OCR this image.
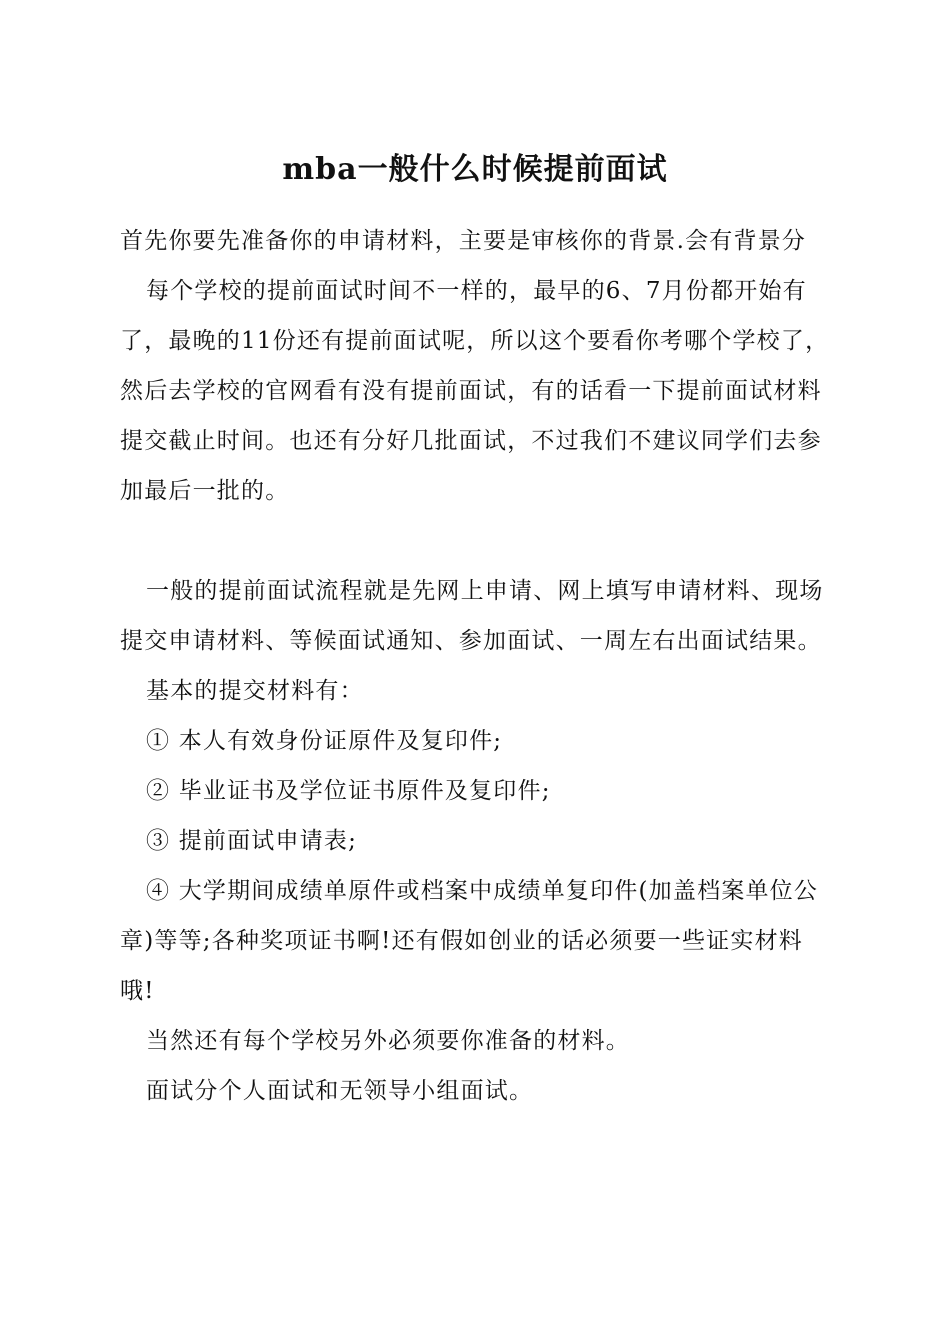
mba一般什么时候提前面试

首先你要先准备你的申请材料，主要是审核你的背景.会有背景分

每个学校的提前面试时间不一样的，最早的6、7月份都开始有了，最晚的11份还有提前面试呢，所以这个要看你考哪个学校了，然后去学校的官网看有没有提前面试，有的话看一下提前面试材料提交截止时间。也还有分好几批面试，不过我们不建议同学们去参加最后一批的。

一般的提前面试流程就是先网上申请、网上填写申请材料、现场提交申请材料、等候面试通知、参加面试、一周左右出面试结果。

基本的提交材料有：

① 本人有效身份证原件及复印件;

② 毕业证书及学位证书原件及复印件;

③ 提前面试申请表;

④ 大学期间成绩单原件或档案中成绩单复印件(加盖档案单位公章)等等;各种奖项证书啊!还有假如创业的话必须要一些证实材料哦!

当然还有每个学校另外必须要你准备的材料。

面试分个人面试和无领导小组面试。
